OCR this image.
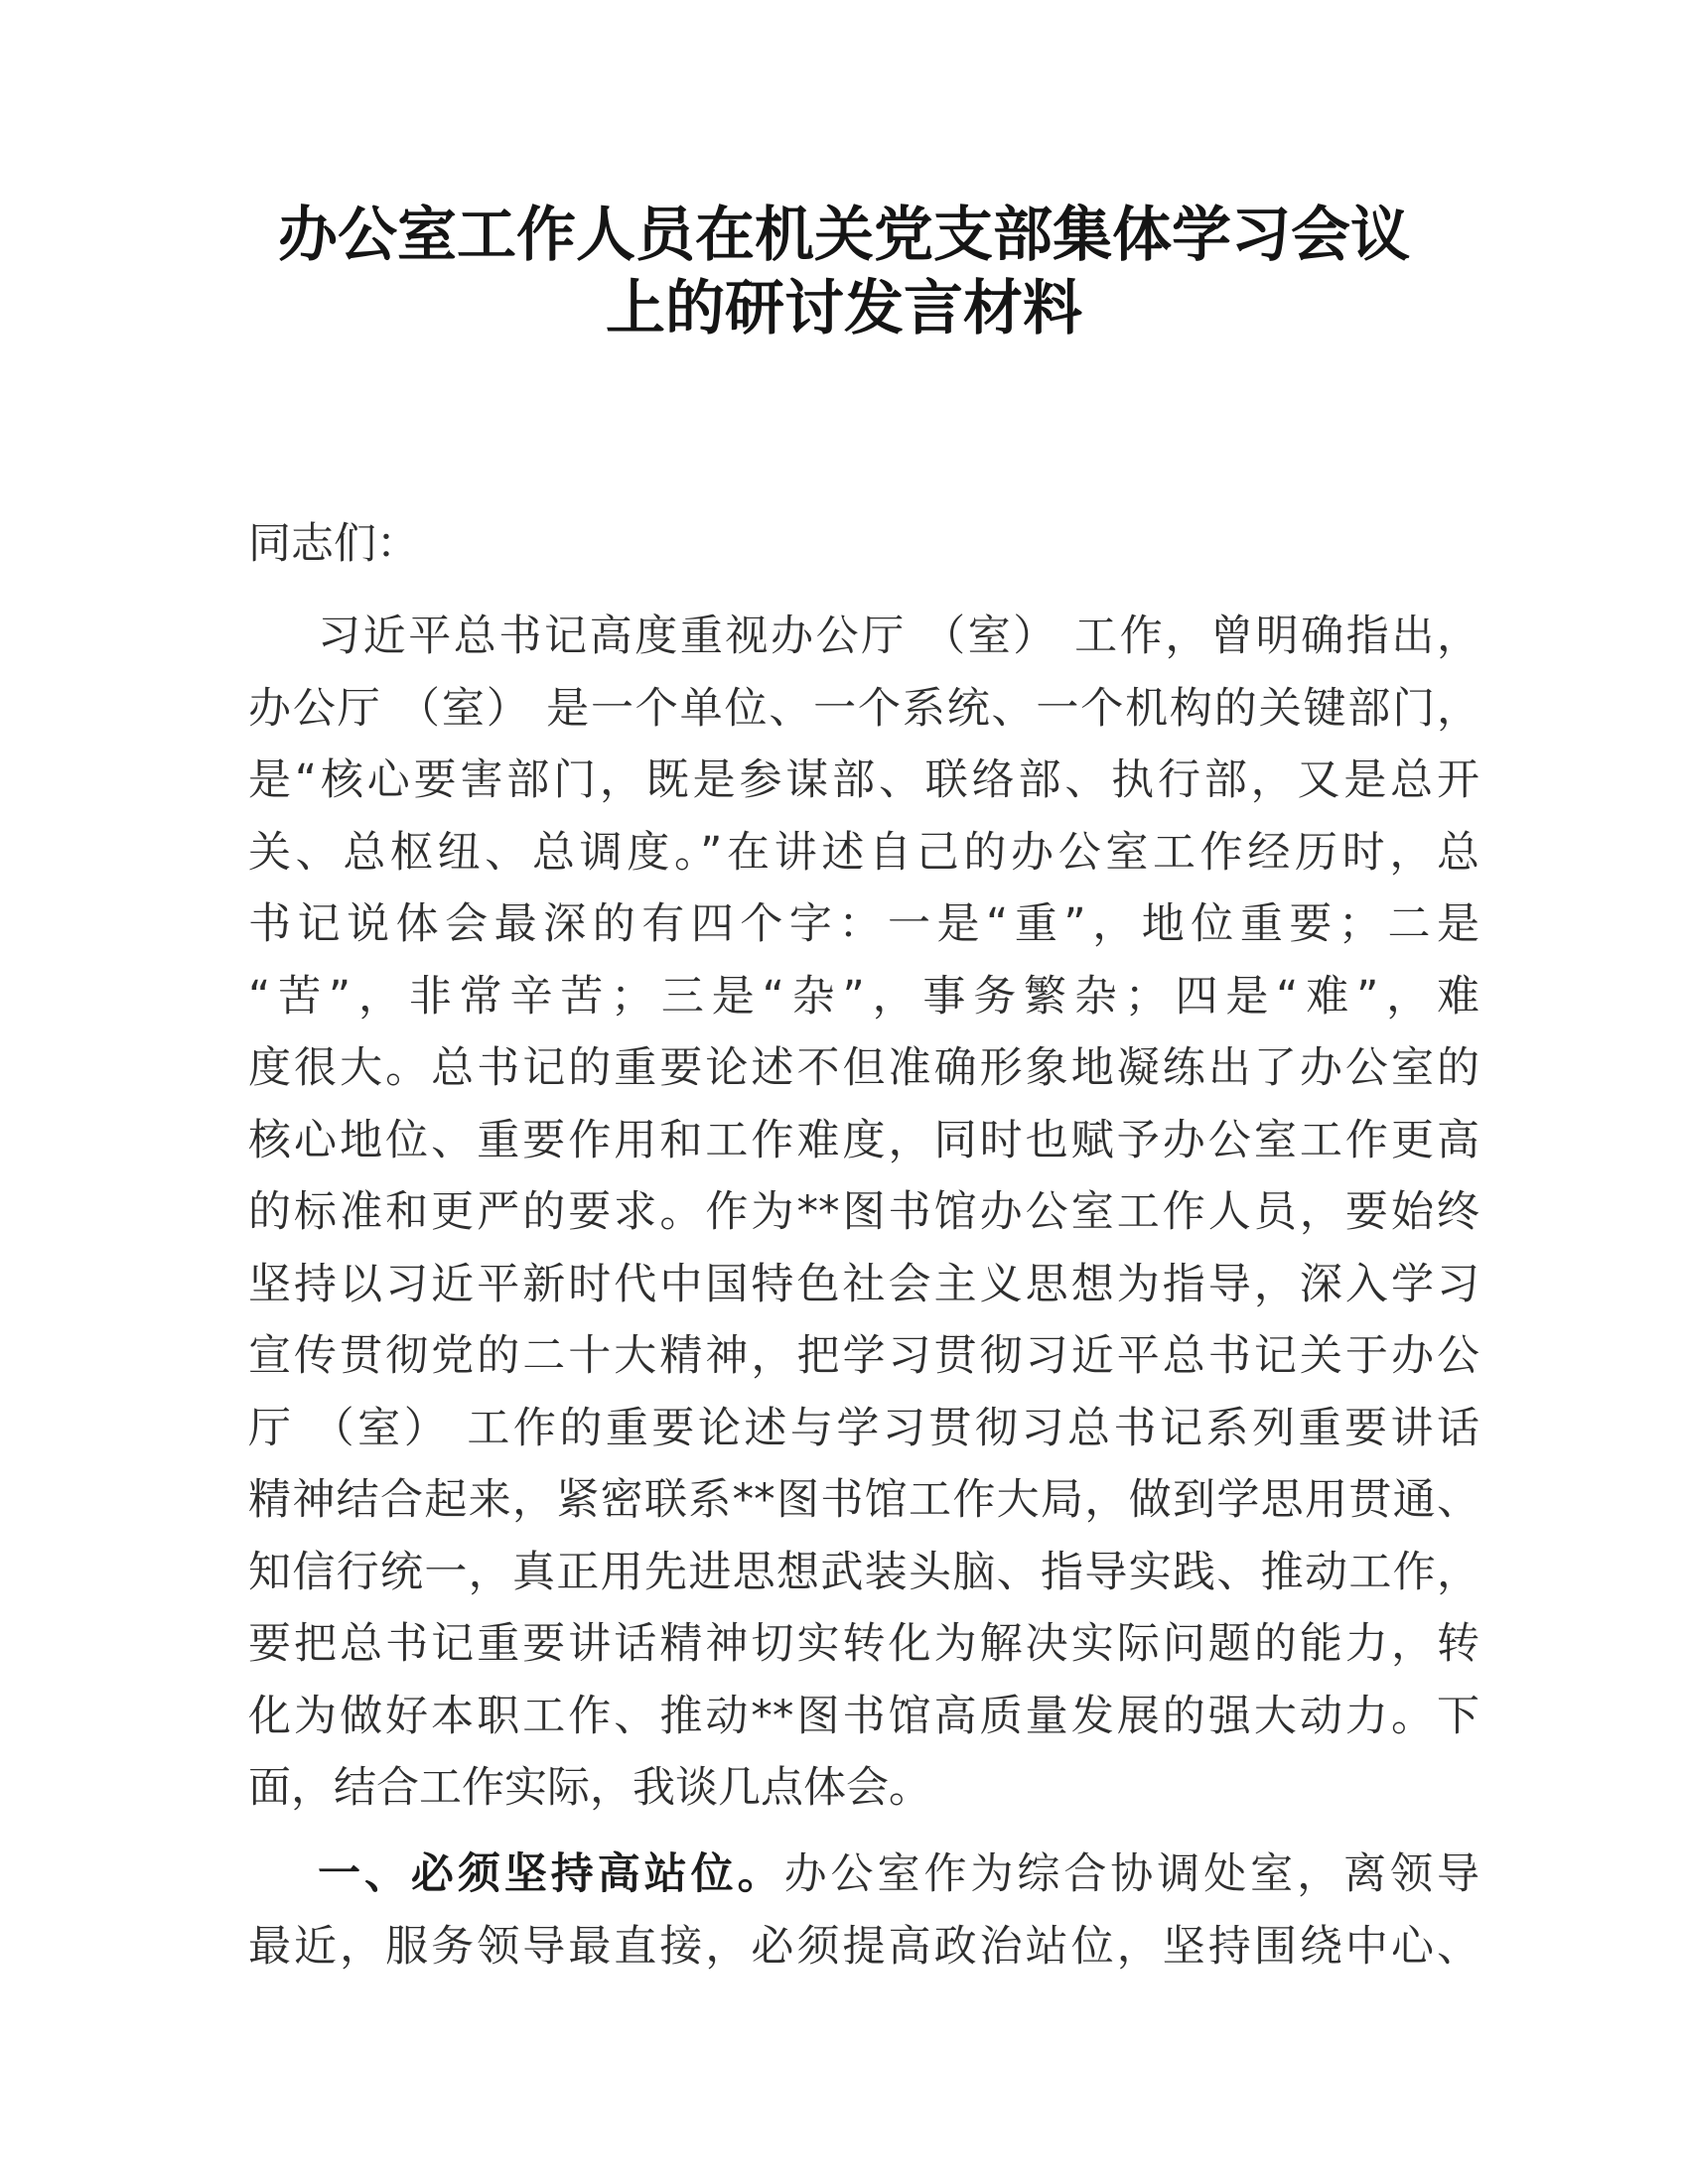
办公室工作人员在机关党支部集体学习会议
上的研讨发言材料

同志们：

习近平总书记高度重视办公厅 （室） 工作，曾明确指出，
办公厅 （室） 是一个单位、一个系统、一个机构的关键部门，
是“核心要害部门，既是参谋部、联络部、执行部，又是总开
关、总枢纽、总调度。”在讲述自己的办公室工作经历时，总
书记说体会最深的有四个字：一是“重”，地位重要；二是
“苦”，非常辛苦；三是“杂”，事务繁杂；四是“难”，难
度很大。总书记的重要论述不但准确形象地凝练出了办公室的
核心地位、重要作用和工作难度，同时也赋予办公室工作更高
的标准和更严的要求。作为**图书馆办公室工作人员，要始终
坚持以习近平新时代中国特色社会主义思想为指导，深入学习
宣传贯彻党的二十大精神，把学习贯彻习近平总书记关于办公
厅 （室） 工作的重要论述与学习贯彻习总书记系列重要讲话
精神结合起来，紧密联系**图书馆工作大局，做到学思用贯通、
知信行统一，真正用先进思想武装头脑、指导实践、推动工作，
要把总书记重要讲话精神切实转化为解决实际问题的能力，转
化为做好本职工作、推动**图书馆高质量发展的强大动力。下
面，结合工作实际，我谈几点体会。
一、必须坚持高站位。办公室作为综合协调处室，离领导
最近，服务领导最直接，必须提高政治站位，坚持围绕中心、
